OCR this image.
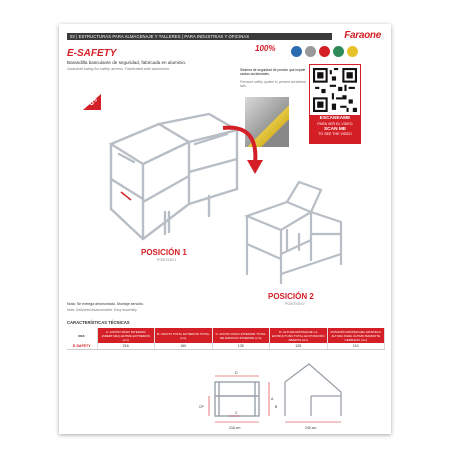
03 | ESTRUCTURAS PARA ALMACENAJE Y TALLERES | PARA INDUSTRIAS Y OFICINAS	Faraone
E-SAFETY
Barandilla basculante de seguridad, fabricada en aluminio.
Guardrail swing for safety access. Fabricated with aluminium.
100%
Sistema de seguridad de presión que impide caídas accidentales.
Pressure safety system to prevent accidental falls.
ESCANEAME
PARA VER EL VIDEO
SCAN ME
TO SEE THE VIDEO
45°
POSICIÓN 1
POSITION 1
POSICIÓN 2
POSITION 2
Nota: Se entrega desmontado. Montaje sencillo.
Note: Delivered disassembled. Easy assembly.
CARACTERÍSTICAS TÉCNICAS
REF.	A: ANCHO PASO INTERIOR (ABERTURA) ENTRE EXTREMOS (cm)	B: ANCHO TOTAL EXTERIOR TOTAL (cm)	C: ANCHO PASO INTERIOR TOTAL DE ESPACIO INTERIOR (cm)	D: ALTURA MÁXIMA DE LA ESTRUCTURA TOTAL EN POSICIÓN ABIERTA (cm)	POSICIÓN MÁXIMA DEL MANTELO ALTURA PARA ÚLTIMO BARROTE CERRADO (cm)
E-SAFETY	216	160	135	125	110
D
A
B
C
CP
216 cm	240 cm
